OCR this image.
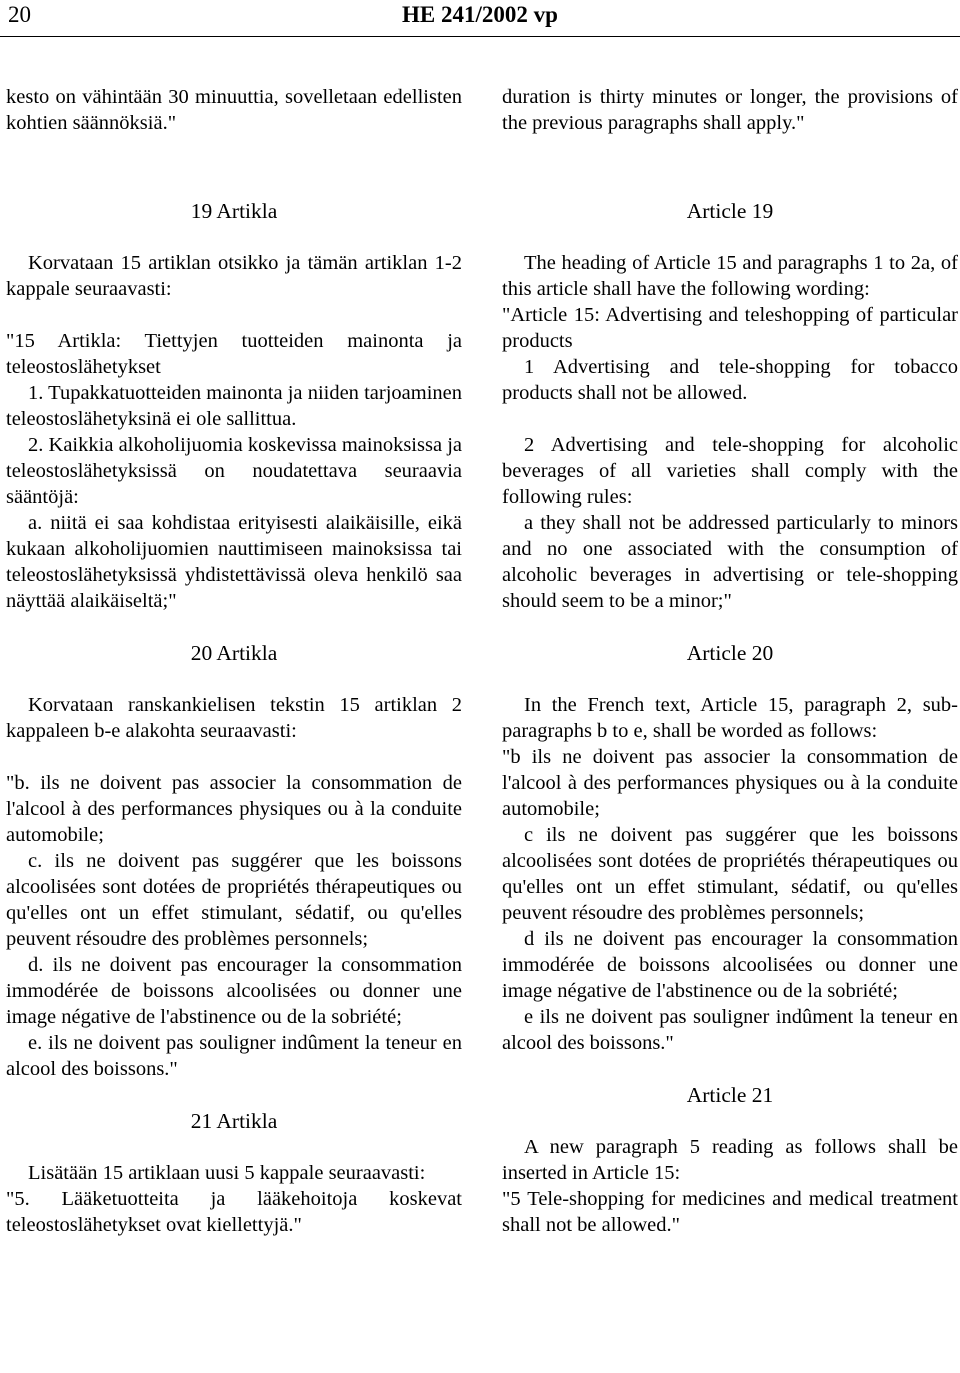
20	HE 241/2002 vp

kesto on vähintään 30 minuuttia, sovelletaan edellisten kohtien säännöksiä."

19 Artikla

Korvataan 15 artiklan otsikko ja tämän artiklan 1-2 kappale seuraavasti:

"15 Artikla: Tiettyjen tuotteiden mainonta ja teleostoslähetykset

1. Tupakkatuotteiden mainonta ja niiden tarjoaminen teleostoslähetyksinä ei ole sallittua.

2. Kaikkia alkoholijuomia koskevissa mainoksissa ja teleostoslähetyksissä on noudatettava seuraavia sääntöjä:

a. niitä ei saa kohdistaa erityisesti alaikäisille, eikä kukaan alkoholijuomien nauttimiseen mainoksissa tai teleostoslähetyksissä yhdistettävissä oleva henkilö saa näyttää alaikäiseltä;"

20 Artikla

Korvataan ranskankielisen tekstin 15 artiklan 2 kappaleen b-e alakohta seuraavasti:

"b. ils ne doivent pas associer la consommation de l'alcool à des performances physiques ou à la conduite automobile;

c. ils ne doivent pas suggérer que les boissons alcoolisées sont dotées de propriétés thérapeutiques ou qu'elles ont un effet stimulant, sédatif, ou qu'elles peuvent résoudre des problèmes personnels;

d. ils ne doivent pas encourager la consommation immodérée de boissons alcoolisées ou donner une image négative de l'abstinence ou de la sobriété;

e. ils ne doivent pas souligner indûment la teneur en alcool des boissons."

21 Artikla

Lisätään 15 artiklaan uusi 5 kappale seuraavasti:

"5. Lääketuotteita ja lääkehoitoja koskevat teleostoslähetykset ovat kiellettyjä."

duration is thirty minutes or longer, the provisions of the previous paragraphs shall apply."

Article 19

The heading of Article 15 and paragraphs 1 to 2a, of this article shall have the following wording:

"Article 15: Advertising and teleshopping of particular products

1 Advertising and tele-shopping for tobacco products shall not be allowed.

2 Advertising and tele-shopping for alcoholic beverages of all varieties shall comply with the following rules:

a they shall not be addressed particularly to minors and no one associated with the consumption of alcoholic beverages in advertising or tele-shopping should seem to be a minor;"

Article 20

In the French text, Article 15, paragraph 2, sub-paragraphs b to e, shall be worded as follows:

"b ils ne doivent pas associer la consommation de l'alcool à des performances physiques ou à la conduite automobile;

c ils ne doivent pas suggérer que les boissons alcoolisées sont dotées de propriétés thérapeutiques ou qu'elles ont un effet stimulant, sédatif, ou qu'elles peuvent résoudre des problèmes personnels;

d ils ne doivent pas encourager la consommation immodérée de boissons alcoolisées ou donner une image négative de l'abstinence ou de la sobriété;

e ils ne doivent pas souligner indûment la teneur en alcool des boissons."

Article 21

A new paragraph 5 reading as follows shall be inserted in Article 15:

"5 Tele-shopping for medicines and medical treatment shall not be allowed."
